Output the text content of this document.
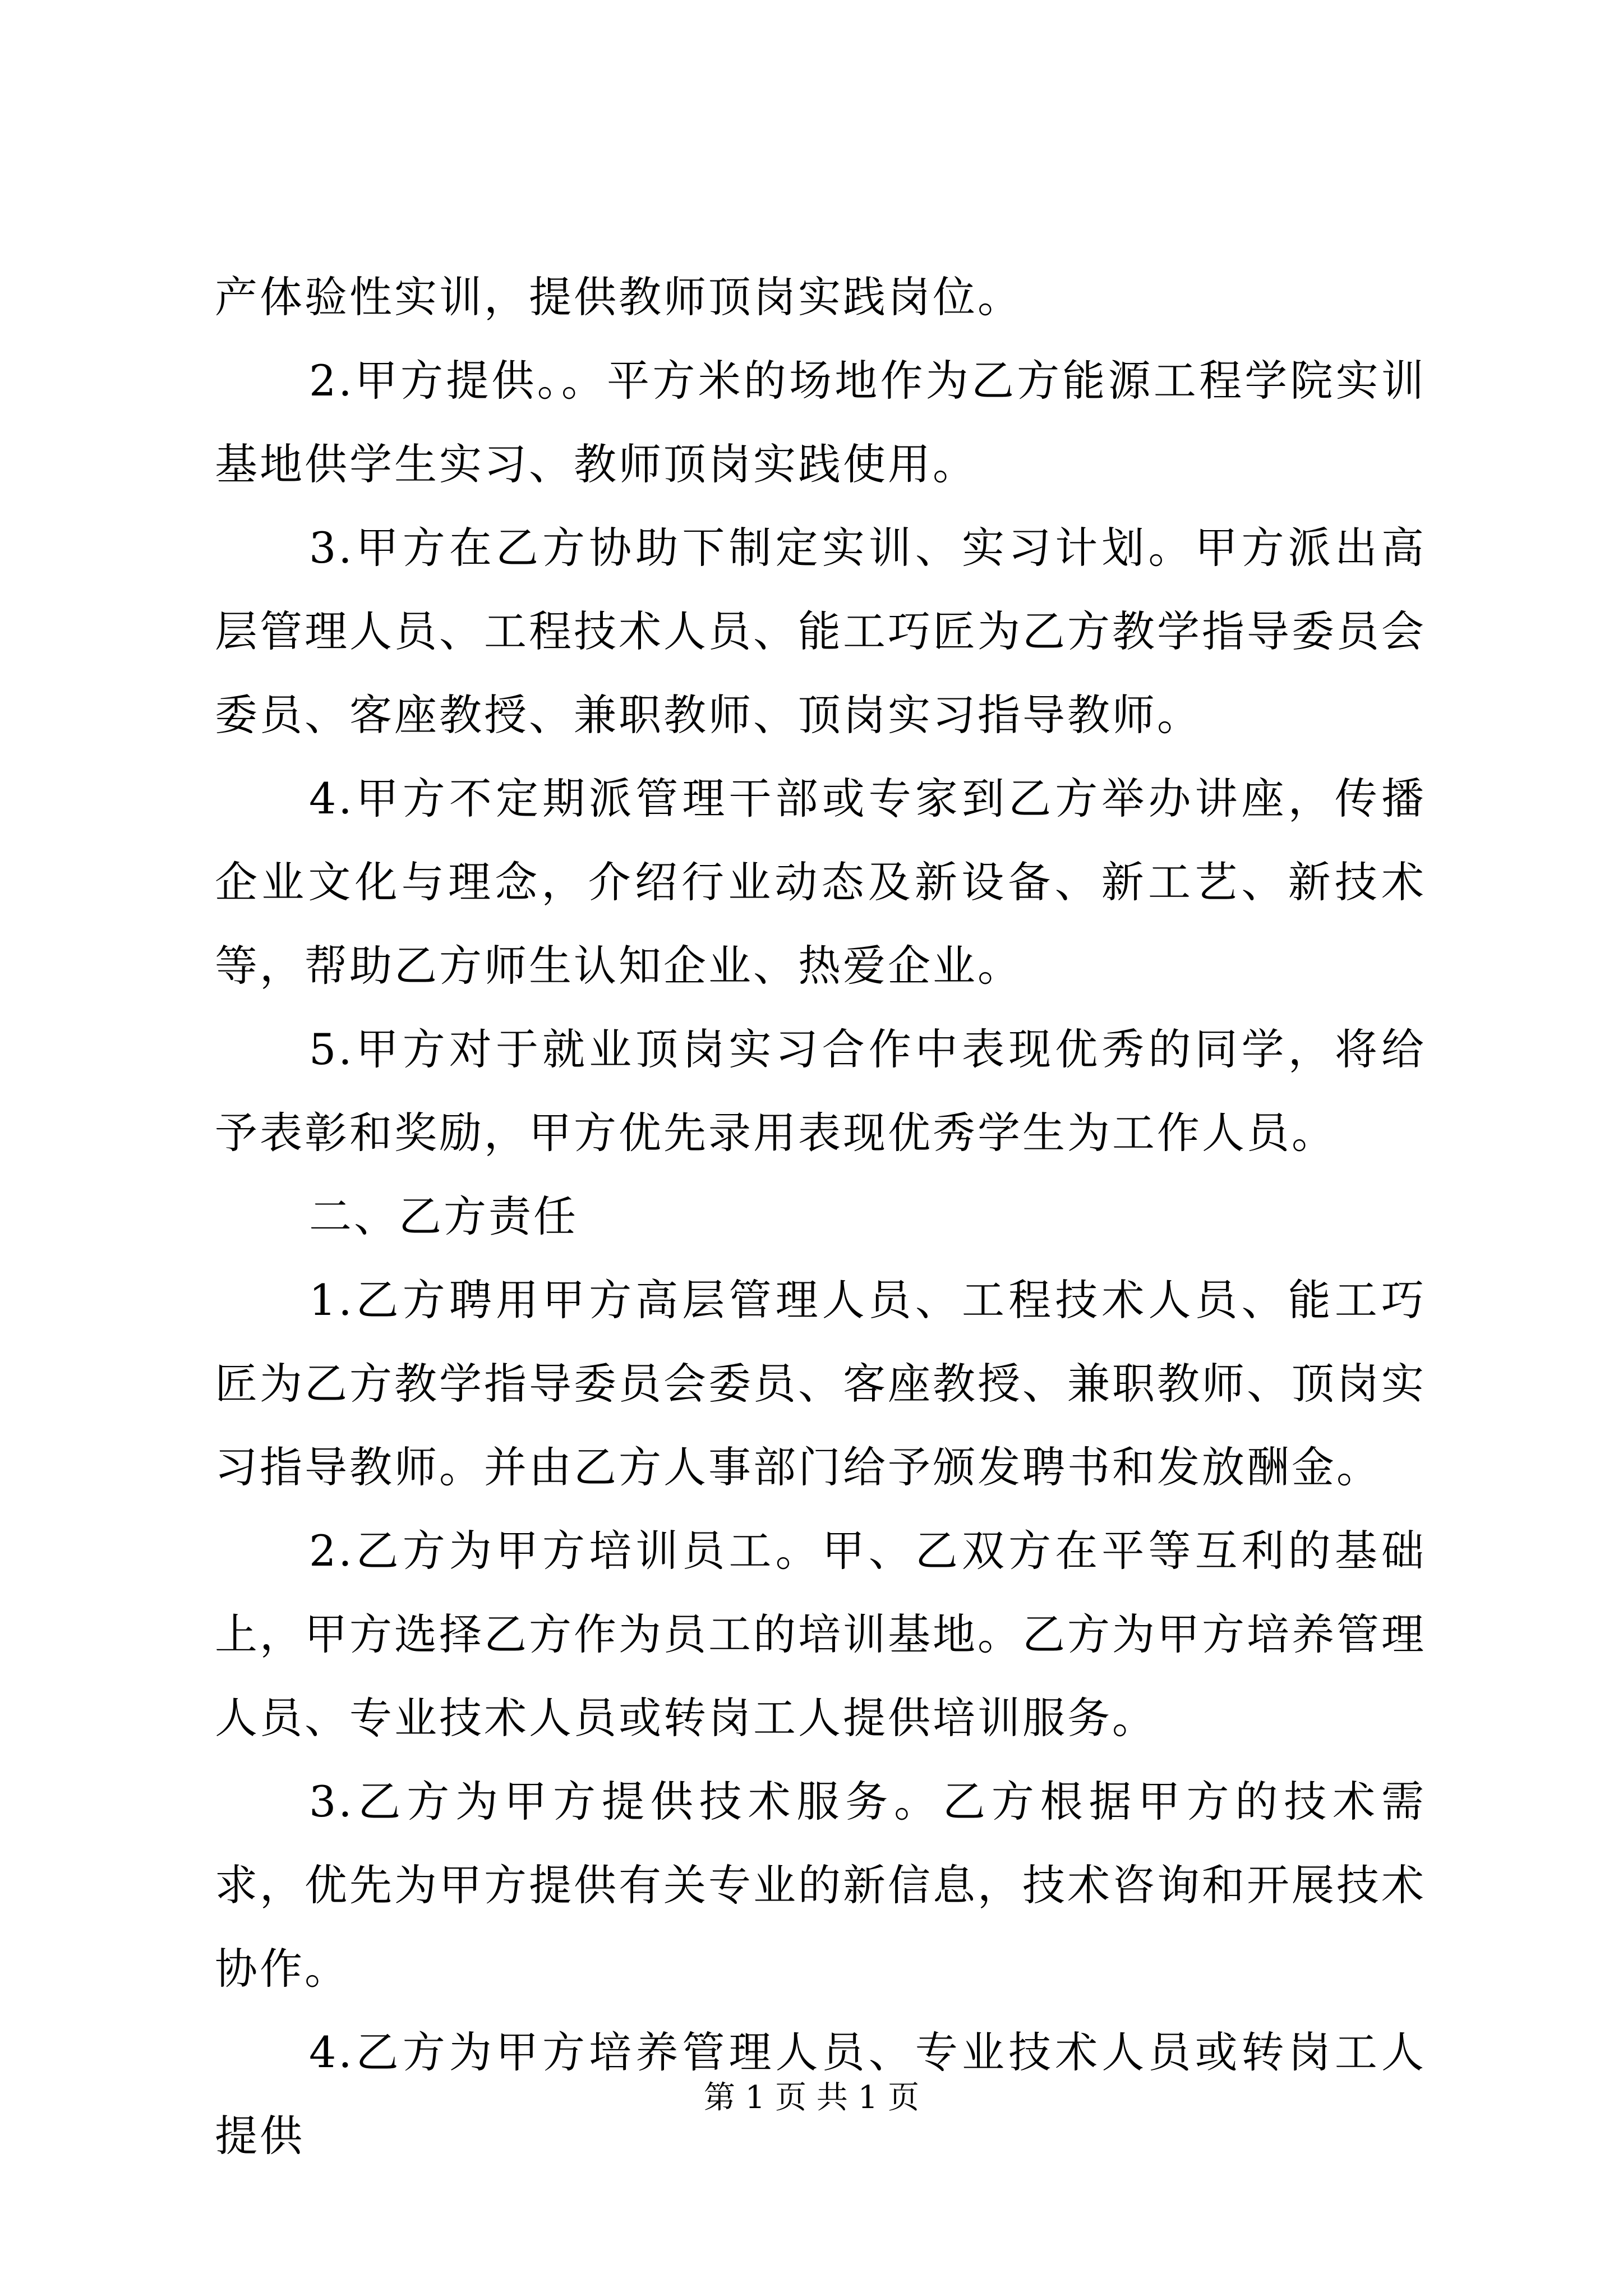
产体验性实训，提供教师顶岗实践岗位。

2.甲方提供。。平方米的场地作为乙方能源工程学院实训基地供学生实习、教师顶岗实践使用。

3.甲方在乙方协助下制定实训、实习计划。甲方派出高层管理人员、工程技术人员、能工巧匠为乙方教学指导委员会委员、客座教授、兼职教师、顶岗实习指导教师。

4.甲方不定期派管理干部或专家到乙方举办讲座，传播企业文化与理念，介绍行业动态及新设备、新工艺、新技术等，帮助乙方师生认知企业、热爱企业。

5.甲方对于就业顶岗实习合作中表现优秀的同学，将给予表彰和奖励，甲方优先录用表现优秀学生为工作人员。

二、乙方责任

1.乙方聘用甲方高层管理人员、工程技术人员、能工巧匠为乙方教学指导委员会委员、客座教授、兼职教师、顶岗实习指导教师。并由乙方人事部门给予颁发聘书和发放酬金。

2.乙方为甲方培训员工。甲、乙双方在平等互利的基础上，甲方选择乙方作为员工的培训基地。乙方为甲方培养管理人员、专业技术人员或转岗工人提供培训服务。

3.乙方为甲方提供技术服务。乙方根据甲方的技术需求，优先为甲方提供有关专业的新信息，技术咨询和开展技术协作。

4.乙方为甲方培养管理人员、专业技术人员或转岗工人提供

第 1 页 共 1 页
